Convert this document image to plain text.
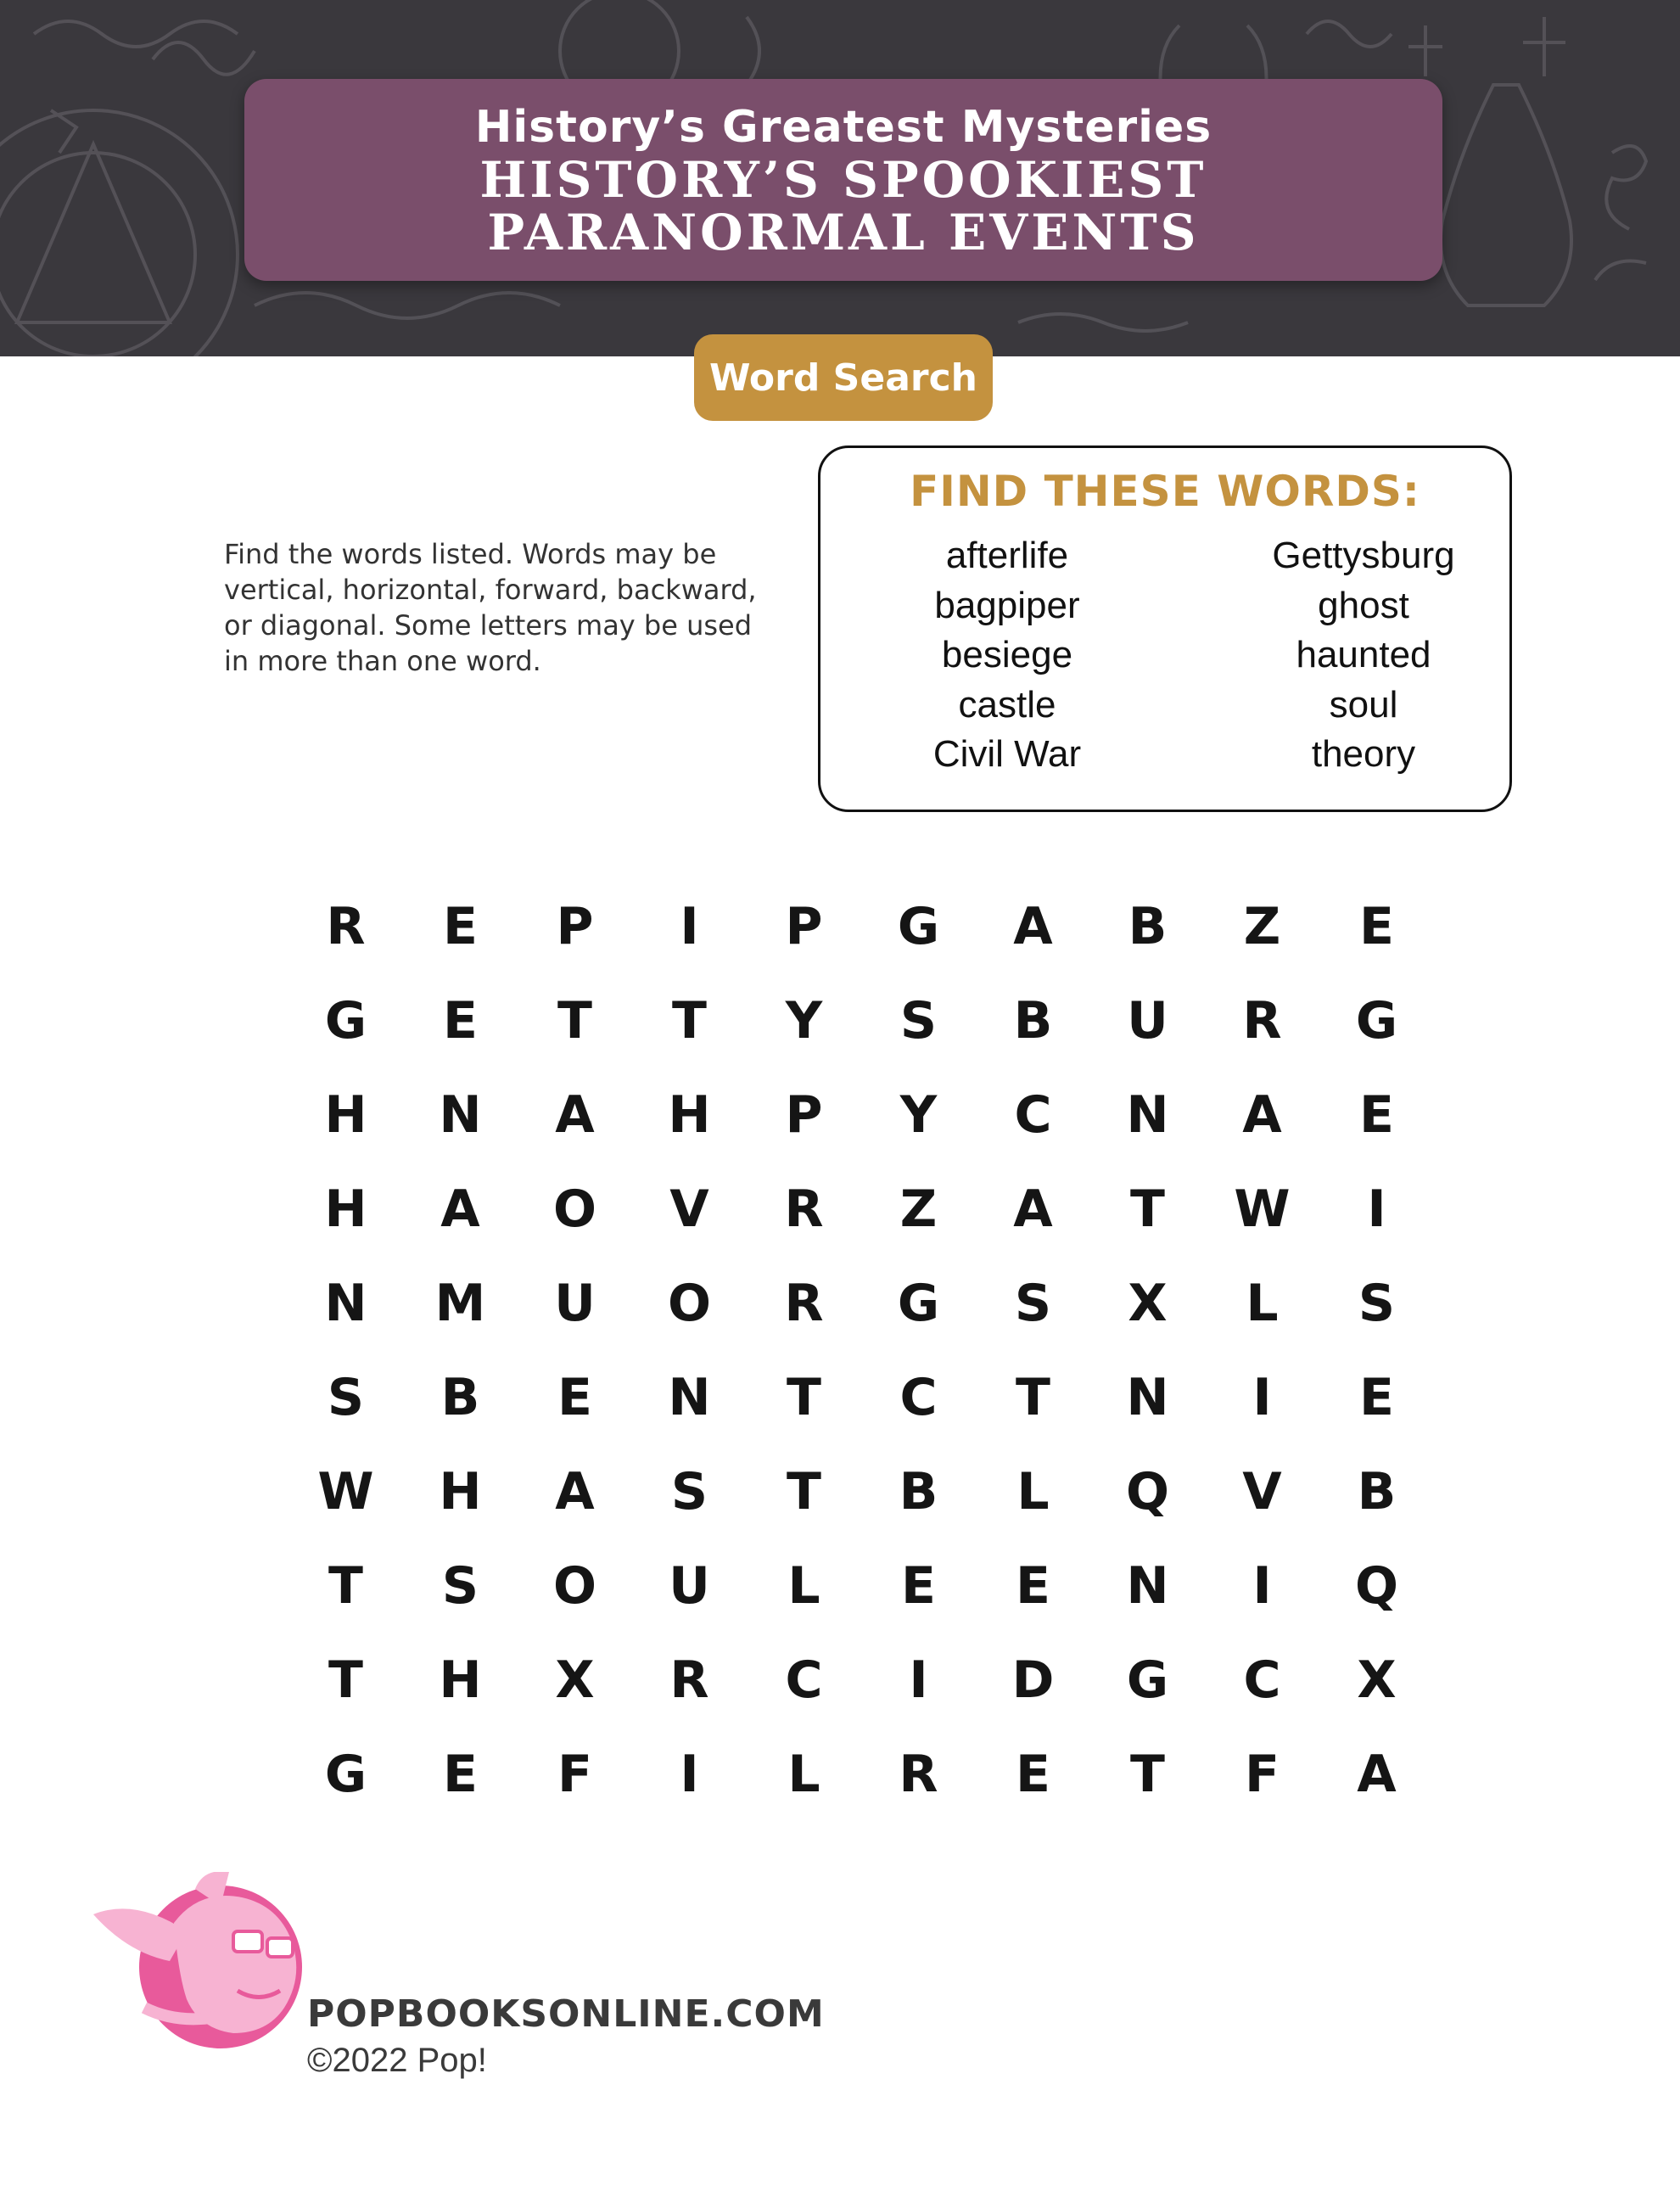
History’s Greatest Mysteries
HISTORY’S SPOOKIEST
PARANORMAL EVENTS
Word Search
Find the words listed. Words may be vertical, horizontal, forward, backward, or diagonal. Some letters may be used in more than one word.
FIND THESE WORDS:
afterlife
bagpiper
besiege
castle
Civil War
Gettysburg
ghost
haunted
soul
theory
R	E	P	I	P	G	A	B	Z	E
G	E	T	T	Y	S	B	U	R	G
H	N	A	H	P	Y	C	N	A	E
H	A	O	V	R	Z	A	T	W	I
N	M	U	O	R	G	S	X	L	S
S	B	E	N	T	C	T	N	I	E
W	H	A	S	T	B	L	Q	V	B
T	S	O	U	L	E	E	N	I	Q
T	H	X	R	C	I	D	G	C	X
G	E	F	I	L	R	E	T	F	A
POPBOOKSONLINE.COM
©2022 Pop!
